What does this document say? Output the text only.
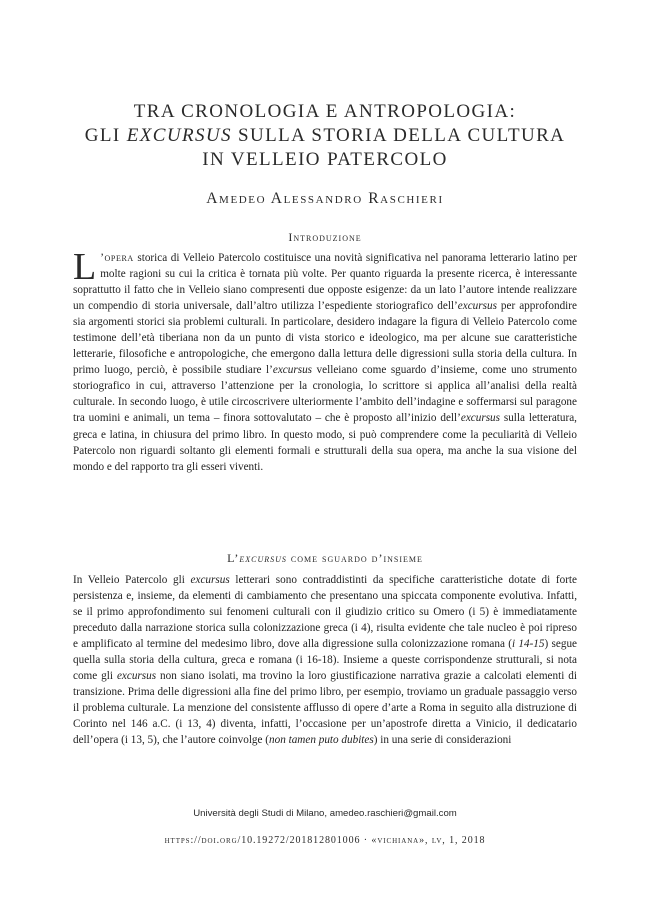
TRA CRONOLOGIA E ANTROPOLOGIA:
GLI EXCURSUS SULLA STORIA DELLA CULTURA
IN VELLEIO PATERCOLO

Amedeo Alessandro Raschieri

Introduzione

L ’opera storica di Velleio Patercolo costituisce una novità significativa nel panorama letterario latino per molte ragioni su cui la critica è tornata più volte. Per quanto riguarda la presente ricerca, è interessante soprattutto il fatto che in Velleio siano compresenti due opposte esigenze: da un lato l’autore intende realizzare un compendio di storia universale, dall’altro utilizza l’espediente storiografico dell’excursus per approfondire sia argomenti storici sia problemi culturali. In particolare, desidero indagare la figura di Velleio Patercolo come testimone dell’età tiberiana non da un punto di vista storico e ideologico, ma per alcune sue caratteristiche letterarie, filosofiche e antropologiche, che emergono dalla lettura delle digressioni sulla storia della cultura. In primo luogo, perciò, è possibile studiare l’excursus velleiano come sguardo d’insieme, come uno strumento storiografico in cui, attraverso l’attenzione per la cronologia, lo scrittore si applica all’analisi della realtà culturale. In secondo luogo, è utile circoscrivere ulteriormente l’ambito dell’indagine e soffermarsi sul paragone tra uomini e animali, un tema – finora sottovalutato – che è proposto all’inizio dell’excursus sulla letteratura, greca e latina, in chiusura del primo libro. In questo modo, si può comprendere come la peculiarità di Velleio Patercolo non riguardi soltanto gli elementi formali e strutturali della sua opera, ma anche la sua visione del mondo e del rapporto tra gli esseri viventi.

L’excursus come sguardo d’insieme

In Velleio Patercolo gli excursus letterari sono contraddistinti da specifiche caratteristiche dotate di forte persistenza e, insieme, da elementi di cambiamento che presentano una spiccata componente evolutiva. Infatti, se il primo approfondimento sui fenomeni culturali con il giudizio critico su Omero (i 5) è immediatamente preceduto dalla narrazione storica sulla colonizzazione greca (i 4), risulta evidente che tale nucleo è poi ripreso e amplificato al termine del medesimo libro, dove alla digressione sulla colonizzazione romana (i 14-15) segue quella sulla storia della cultura, greca e romana (i 16-18). Insieme a queste corrispondenze strutturali, si nota come gli excursus non siano isolati, ma trovino la loro giustificazione narrativa grazie a calcolati elementi di transizione. Prima delle digressioni alla fine del primo libro, per esempio, troviamo un graduale passaggio verso il problema culturale. La menzione del consistente afflusso di opere d’arte a Roma in seguito alla distruzione di Corinto nel 146 a.C. (i 13, 4) diventa, infatti, l’occasione per un’apostrofe diretta a Vinicio, il dedicatario dell’opera (i 13, 5), che l’autore coinvolge (non tamen puto dubites) in una serie di considerazioni

Università degli Studi di Milano, amedeo.raschieri@gmail.com

https://doi.org/10.19272/201812801006 · «vichiana», lv, 1, 2018
